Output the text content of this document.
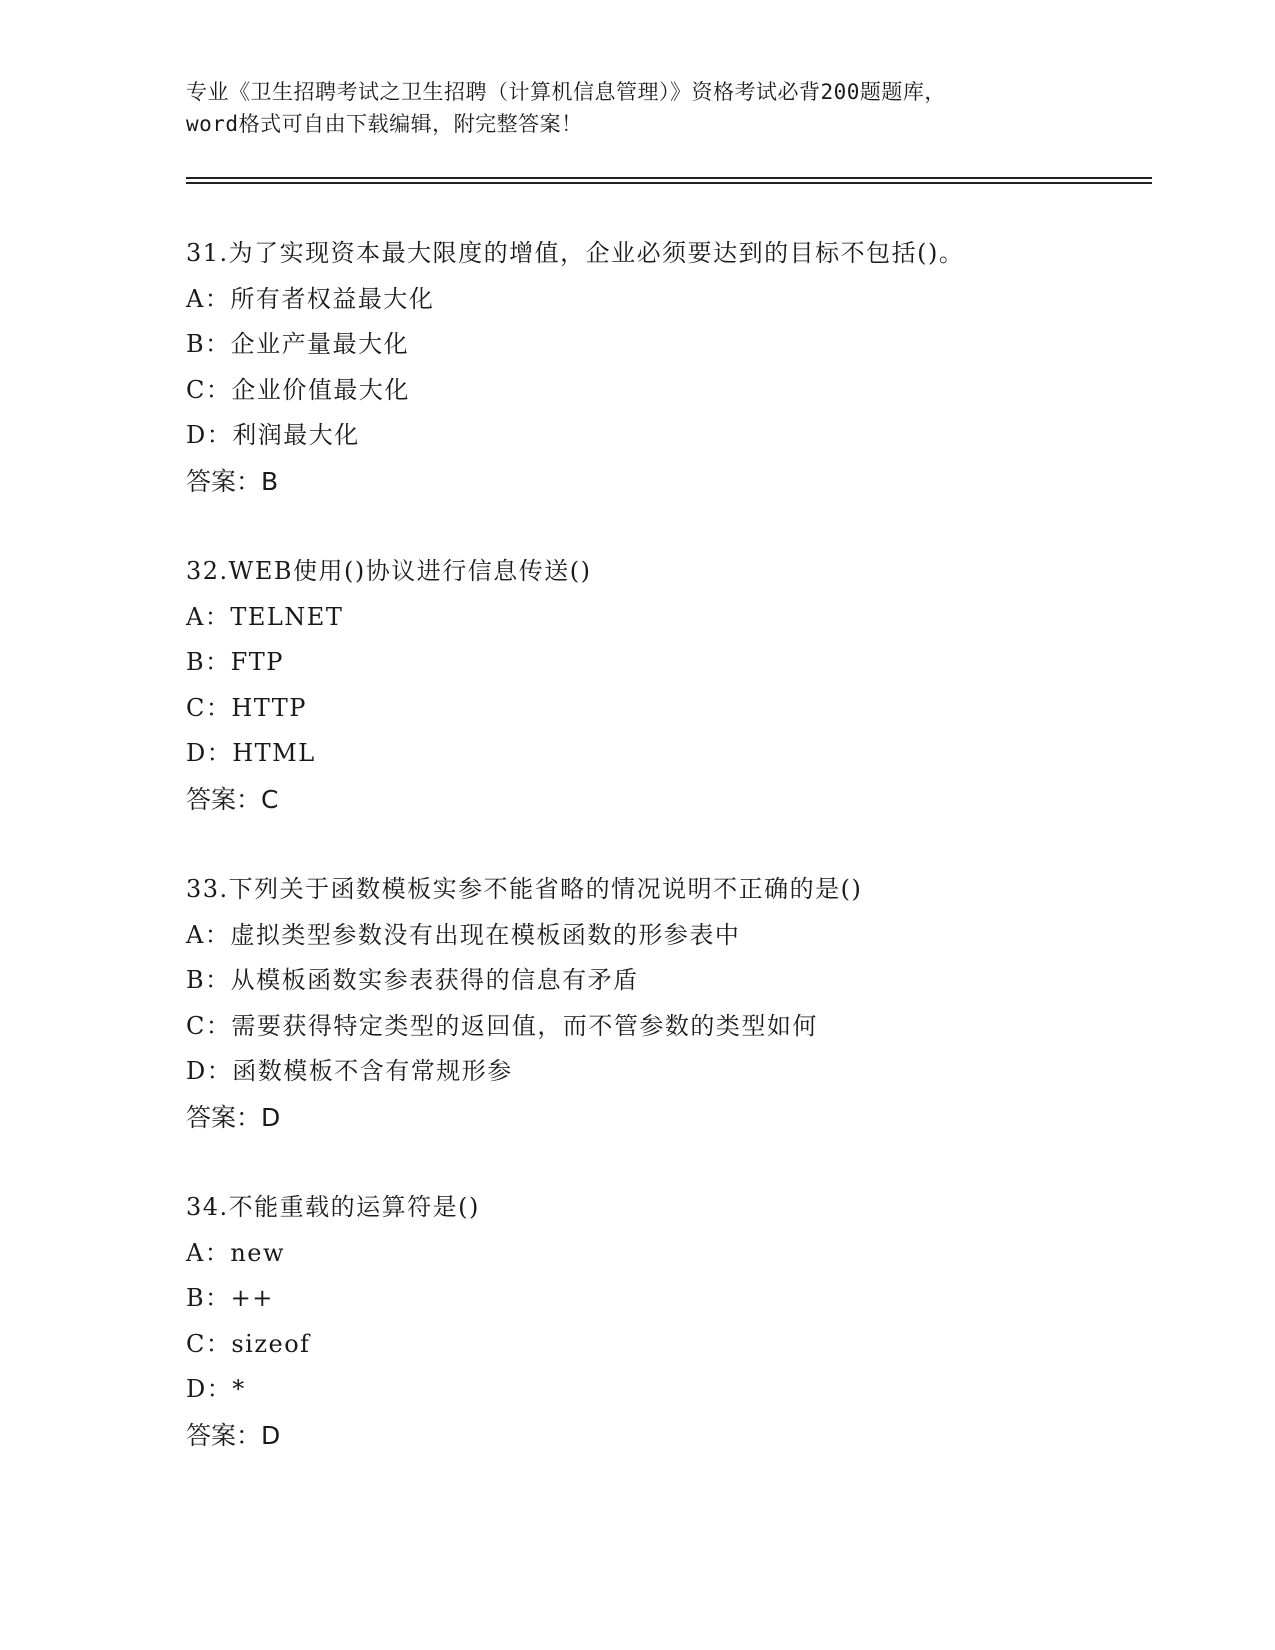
专业《卫生招聘考试之卫生招聘（计算机信息管理）》资格考试必背200题题库，
word格式可自由下载编辑，附完整答案！
31.为了实现资本最大限度的增值，企业必须要达到的目标不包括()。
A：所有者权益最大化
B：企业产量最大化
C：企业价值最大化
D：利润最大化
答案：B
32.WEB使用()协议进行信息传送()
A：TELNET
B：FTP
C：HTTP
D：HTML
答案：C
33.下列关于函数模板实参不能省略的情况说明不正确的是()
A：虚拟类型参数没有出现在模板函数的形参表中
B：从模板函数实参表获得的信息有矛盾
C：需要获得特定类型的返回值，而不管参数的类型如何
D：函数模板不含有常规形参
答案：D
34.不能重载的运算符是()
A：new
B：++
C：sizeof
D：*
答案：D
